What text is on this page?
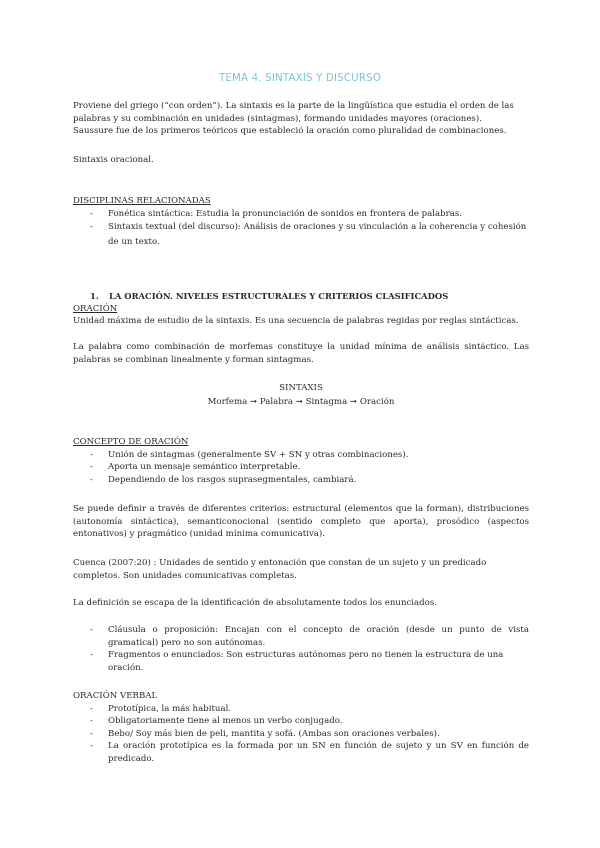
TEMA 4. SINTAXIS Y DISCURSO

Proviene del griego (“con orden”). La sintaxis es la parte de la lingüística que estudia el orden de las palabras y su combinación en unidades (sintagmas), formando unidades mayores (oraciones).

Saussure fue de los primeros teóricos que estableció la oración como pluralidad de combinaciones.

Sintaxis oracional.

DISCIPLINAS RELACIONADAS

- Fonética sintáctica: Estudia la pronunciación de sonidos en frontera de palabras.
- Sintaxis textual (del discurso): Análisis de oraciones y su vinculación a la coherencia y cohesión de un texto.

1. LA ORACIÓN. NIVELES ESTRUCTURALES Y CRITERIOS CLASIFICADOS

ORACIÓN

Unidad máxima de estudio de la sintaxis. Es una secuencia de palabras regidas por reglas sintácticas.

La palabra como combinación de morfemas constituye la unidad mínima de análisis sintáctico. Las palabras se combinan linealmente y forman sintagmas.

SINTAXIS

Morfema ➞ Palabra ➞ Sintagma ➞ Oración

CONCEPTO DE ORACIÓN

- Unión de sintagmas (generalmente SV + SN y otras combinaciones).
- Aporta un mensaje semántico interpretable.
- Dependiendo de los rasgos suprasegmentales, cambiará.

Se puede definir a través de diferentes criterios: estructural (elementos que la forman), distribuciones (autonomía sintáctica), semanticonocional (sentido completo que aporta), prosódico (aspectos entonativos) y pragmático (unidad mínima comunicativa).

Cuenca (2007:20) : Unidades de sentido y entonación que constan de un sujeto y un predicado completos. Son unidades comunicativas completas.

La definición se escapa de la identificación de absolutamente todos los enunciados.

- Cláusula o proposición: Encajan con el concepto de oración (desde un punto de vista gramatical) pero no son autónomas.
- Fragmentos o enunciados: Son estructuras autónomas pero no tienen la estructura de una oración.

ORACIÓN VERBAL

- Prototípica, la más habitual.
- Obligatoriamente tiene al menos un verbo conjugado.
- Bebo/ Soy más bien de peli, mantita y sofá. (Ambas son oraciones verbales).
- La oración prototípica es la formada por un SN en función de sujeto y un SV en función de predicado.
